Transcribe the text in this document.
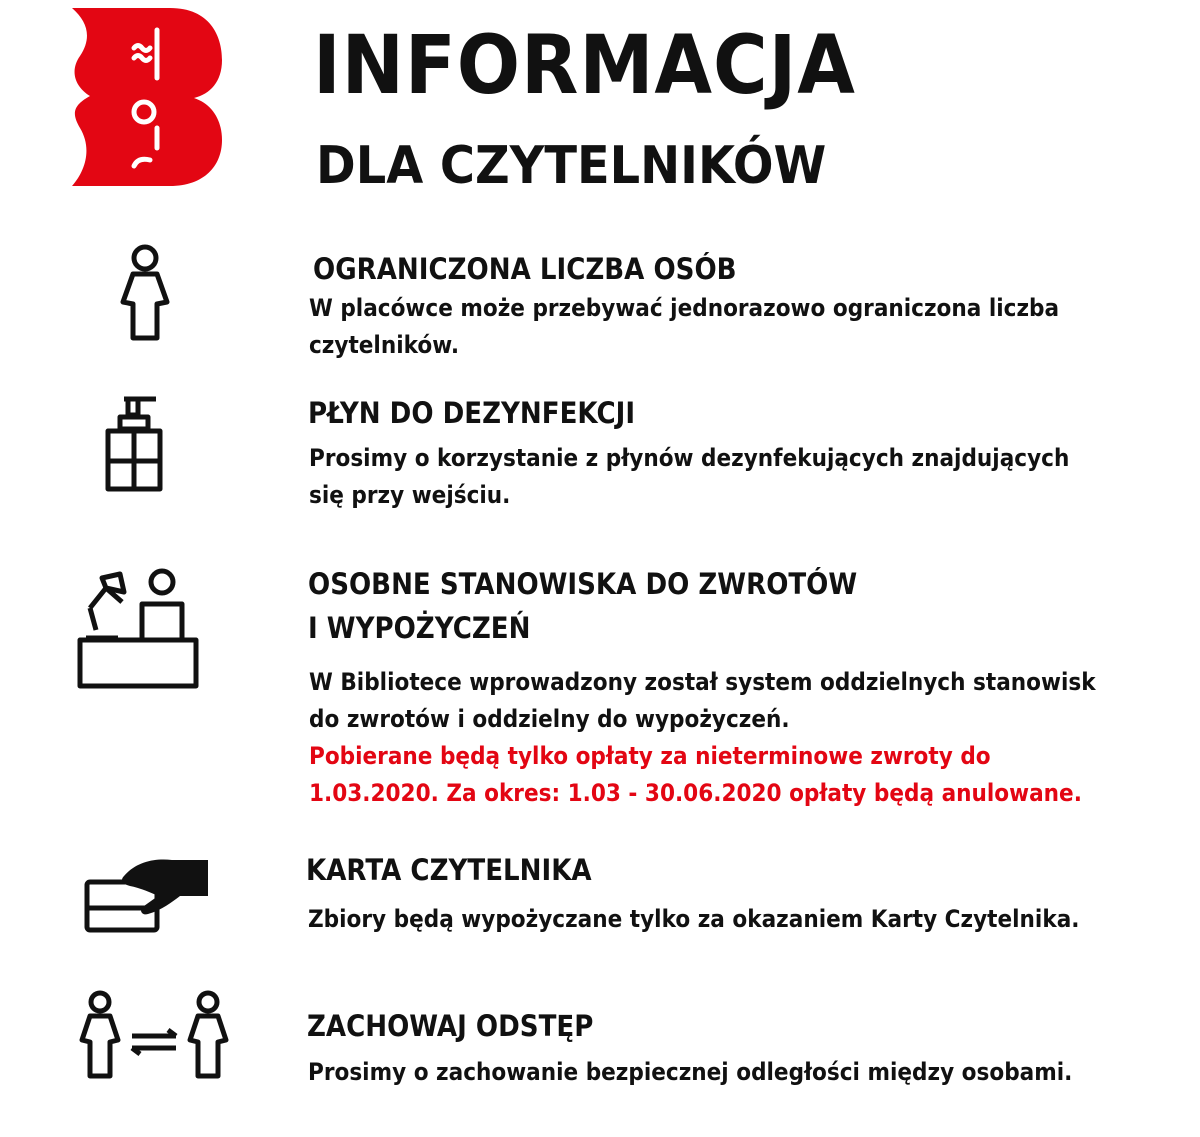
INFORMACJA
DLA CZYTELNIKÓW
OGRANICZONA LICZBA OSÓB
W placówce może przebywać jednorazowo ograniczona liczba
czytelników.
PŁYN DO DEZYNFEKCJI
Prosimy o korzystanie z płynów dezynfekujących znajdujących
się przy wejściu.
OSOBNE STANOWISKA DO ZWROTÓW
I WYPOŻYCZEŃ
W Bibliotece wprowadzony został system oddzielnych stanowisk
do zwrotów i oddzielny do wypożyczeń.
Pobierane będą tylko opłaty za nieterminowe zwroty do
1.03.2020. Za okres: 1.03 - 30.06.2020 opłaty będą anulowane.
KARTA CZYTELNIKA
Zbiory będą wypożyczane tylko za okazaniem Karty Czytelnika.
ZACHOWAJ ODSTĘP
Prosimy o zachowanie bezpiecznej odległości między osobami.
